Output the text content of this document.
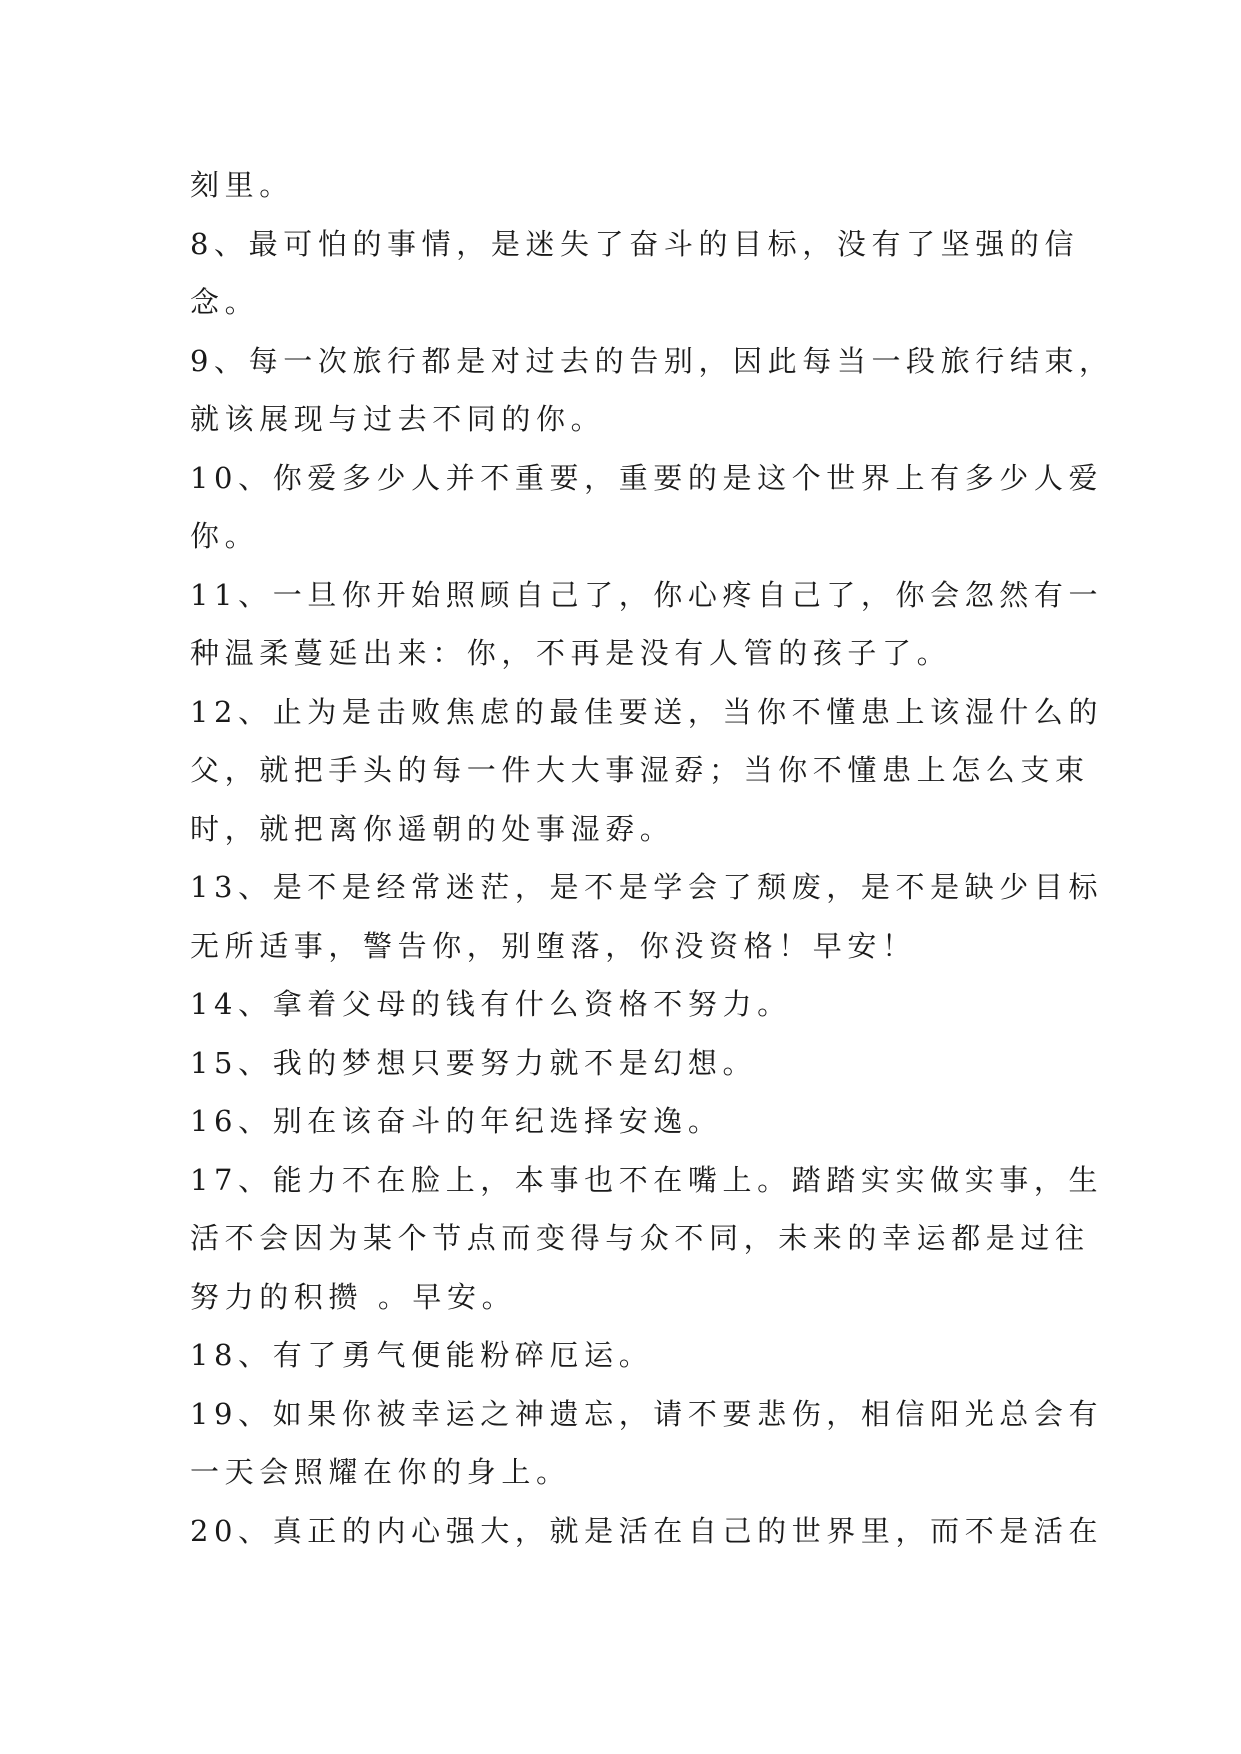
刻里。
8、最可怕的事情，是迷失了奋斗的目标，没有了坚强的信
念。
9、每一次旅行都是对过去的告别，因此每当一段旅行结束，
就该展现与过去不同的你。
10、你爱多少人并不重要，重要的是这个世界上有多少人爱
你。
11、一旦你开始照顾自己了，你心疼自己了，你会忽然有一
种温柔蔓延出来：你，不再是没有人管的孩子了。
12、止为是击败焦虑的最佳要送，当你不懂患上该湿什么的
父，就把手头的每一件大大事湿孬；当你不懂患上怎么支束
时，就把离你遥朝的处事湿孬。
13、是不是经常迷茫，是不是学会了颓废，是不是缺少目标
无所适事，警告你，别堕落，你没资格！早安！
14、拿着父母的钱有什么资格不努力。
15、我的梦想只要努力就不是幻想。
16、别在该奋斗的年纪选择安逸。
17、能力不在脸上，本事也不在嘴上。踏踏实实做实事，生
活不会因为某个节点而变得与众不同，未来的幸运都是过往
努力的积攒 。早安。
18、有了勇气便能粉碎厄运。
19、如果你被幸运之神遗忘，请不要悲伤，相信阳光总会有
一天会照耀在你的身上。
20、真正的内心强大，就是活在自己的世界里，而不是活在
